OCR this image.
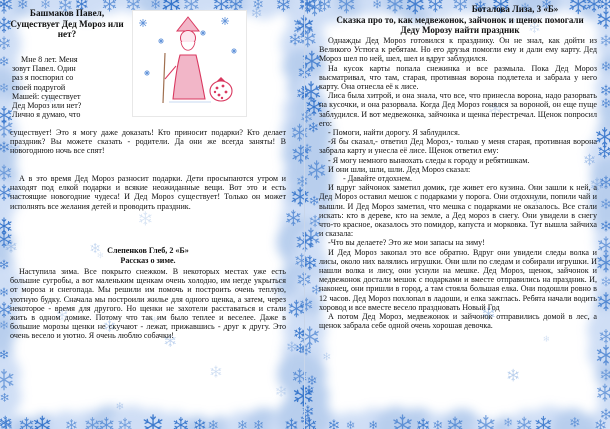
Башмаков Павел,

Существует Дед Мороз или нет?

Мне 8 лет. Меня

зовут Павел. Один

раз я поспорил со

своей подругой

Машей: существует

Дед Мороз или нет?

Лично я думаю, что

существует! Это я могу даже доказать! Кто приносит подарки? Кто делает праздник? Вы можете сказать - родители. Да они же всегда заняты! В новогоднюю ночь все спят!

А в это время Дед Мороз разносит подарки. Дети просыпаются утром и находят под елкой подарки и всякие неожиданные вещи. Вот это и есть настоящие новогодние чудеса! И Дед Мороз существует! Только он может исполнять все желания детей и проводить праздник.

Слепенков Глеб, 2 «Б»

Рассказ о зиме.

Наступила зима. Все покрыто снежком. В некоторых местах уже есть большие сугробы, а вот маленьким щенкам очень холодно, им негде укрыться от мороза и снегопада. Мы решили им помочь и построить очень теплую, уютную будку. Сначала мы построили жилье для одного щенка, а затем, через некоторое - время для другого. Но щенки не захотели расставаться и стали жить в одном домике. Потому что так им было теплее и веселее. Даже в большие морозы щенки не скучают - лежат, прижавшись - друг к другу. Это очень весело и уютно. Я очень люблю собачки!

Боталова Лиза, 3 «Б»

Сказка про то, как медвежонок, зайчонок и щенок помогали Деду Морозу найти праздник

Однажды Дед Мороз готовился к празднику. Он не знал, как дойти из Великого Устюга к ребятам. Но его друзья помогли ему и дали ему карту. Дед Мороз шел по ней, шел, шел и вдруг заблудился.

На кусок карты попала снежинка и все размыла. Пока Дед Мороз высматривал, что там, старая, противная ворона подлетела и забрала у него карту. Она отнесла её к лисе.

Лиса была хитрой, и она знала, что все, что принесла ворона, надо разорвать на кусочки, и она разорвала. Когда Дед Мороз гонялся за вороной, он еще пуще заблудился. И вот медвежонка, зайчонка и щенка перестречал. Щенок попросил его:

- Помоги, найти дорогу. Я заблудился.

-Я бы сказал,- ответил Дед Мороз,- только у меня старая, противная ворона забрала карту и унесла её лисе. Щенок ответил ему:

- Я могу немного вынюхать следы к городу и ребятишкам.

И они шли, шли, шли. Дед Мороз сказал:

- Давайте отдохнем.

И вдруг зайчонок заметил домик, где живет его кузина. Они зашли к ней, а Дед Мороз оставил мешок с подарками у порога. Они отдохнули, попили чай и вышли. И Дед Мороз заметил, что мешка с подарками не оказалось. Все стали искать: кто в дереве, кто на земле, а Дед мороз в снегу. Они увидели в снегу что-то красное, оказалось это помидор, капуста и морковка. Тут вышла зайчиха и сказала:

-Что вы делаете? Это же мои запасы на зиму!

И Дед Мороз закопал это все обратно. Вдруг они увидели следы волка и лисы, около них валялись игрушки. Они шли по следам и собирали игрушки. И нашли волка и лису, они уснули на мешке. Дед Мороз, щенок, зайчонок и медвежонок достали мешок с подарками и вместе отправились на праздник. И, наконец, они пришли в город, а там стояла большая елка. Они подошли ровно в 12 часов. Дед Мороз похлопал в ладоши, и елка зажглась. Ребята начали водить хоровод и все вместе весело праздновать Новый Год

А потом Дед Мороз, медвежонок и зайчонок отправились домой в лес, а щенок забрала себе одной очень хорошая девочка.
